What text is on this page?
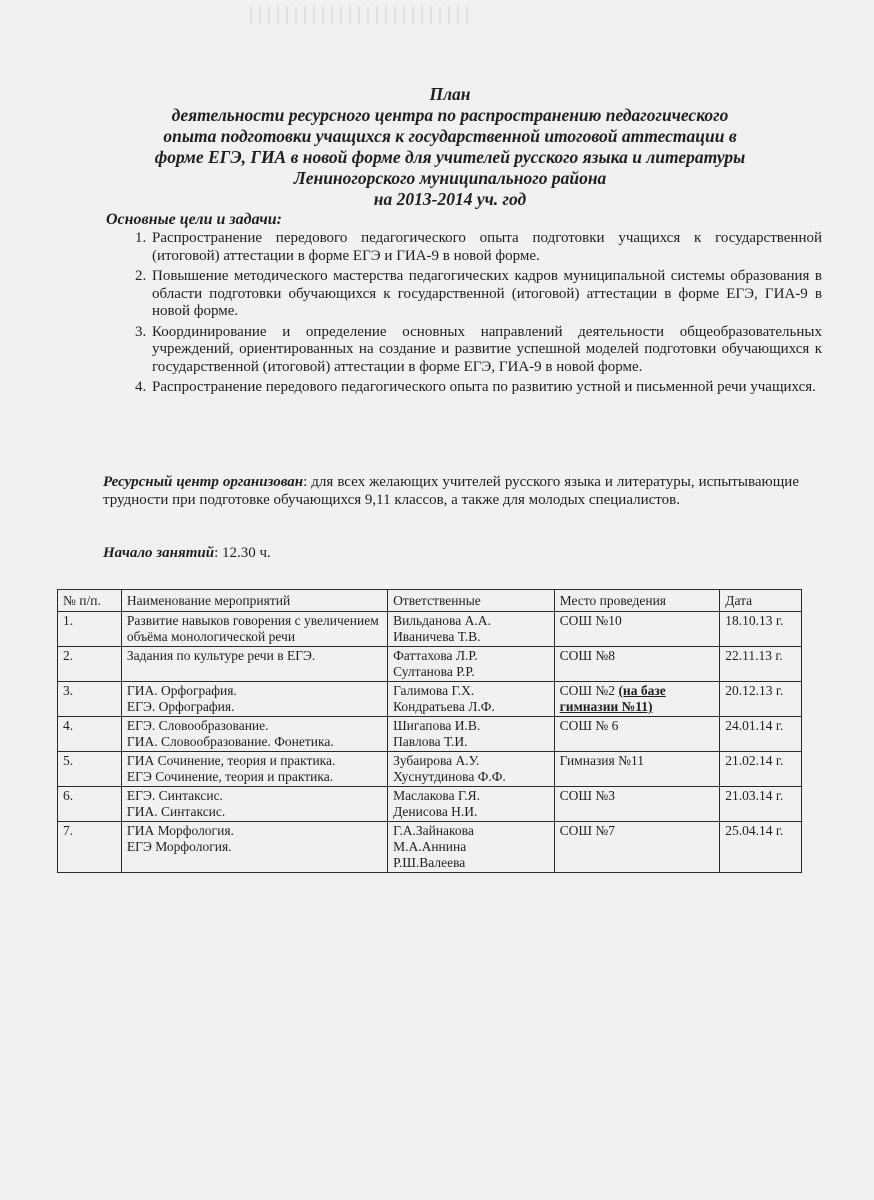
План
деятельности ресурсного центра по распространению педагогического
опыта подготовки учащихся к государственной итоговой аттестации в
форме ЕГЭ, ГИА в новой форме для учителей русского языка и литературы
Лениногорского муниципального района
на 2013-2014 уч. год
Основные цели и задачи:
1. Распространение передового педагогического опыта подготовки учащихся к государственной (итоговой) аттестации в форме ЕГЭ и ГИА-9 в новой форме.
2. Повышение методического мастерства педагогических кадров муниципальной системы образования в области подготовки обучающихся к государственной (итоговой) аттестации в форме ЕГЭ, ГИА-9 в новой форме.
3. Координирование и определение основных направлений деятельности общеобразовательных учреждений, ориентированных на создание и развитие успешной моделей подготовки обучающихся к государственной (итоговой) аттестации в форме ЕГЭ, ГИА-9 в новой форме.
4. Распространение передового педагогического опыта по развитию устной и письменной речи учащихся.

Ресурсный центр организован: для всех желающих учителей русского языка и литературы, испытывающие трудности при подготовке обучающихся 9,11 классов, а также для молодых специалистов.

Начало занятий: 12.30 ч.
№ п/п.	Наименование мероприятий	Ответственные	Место проведения	Дата
1.	Развитие навыков говорения с увеличением объёма монологической речи	Вильданова А.А.
Иваничева Т.В.	СОШ №10	18.10.13 г.
2.	Задания по культуре речи в ЕГЭ.	Фаттахова Л.Р.
Султанова Р.Р.	СОШ №8	22.11.13 г.
3.	ГИА. Орфография.
ЕГЭ. Орфография.	Галимова Г.Х.
Кондратьева Л.Ф.	СОШ №2 (на базе гимназии №11)	20.12.13 г.
4.	ЕГЭ. Словообразование.
ГИА. Словообразование. Фонетика.	Шигапова И.В.
Павлова Т.И.	СОШ № 6	24.01.14 г.
5.	ГИА Сочинение, теория и практика.
ЕГЭ Сочинение, теория и практика.	Зубаирова А.У.
Хуснутдинова Ф.Ф.	Гимназия №11	21.02.14 г.
6.	ЕГЭ. Синтаксис.
ГИА. Синтаксис.	Маслакова Г.Я.
Денисова Н.И.	СОШ №3	21.03.14 г.
7.	ГИА Морфология.
ЕГЭ Морфология.	Г.А.Зайнакова
М.А.Аннина
Р.Ш.Валеева	СОШ №7	25.04.14 г.
